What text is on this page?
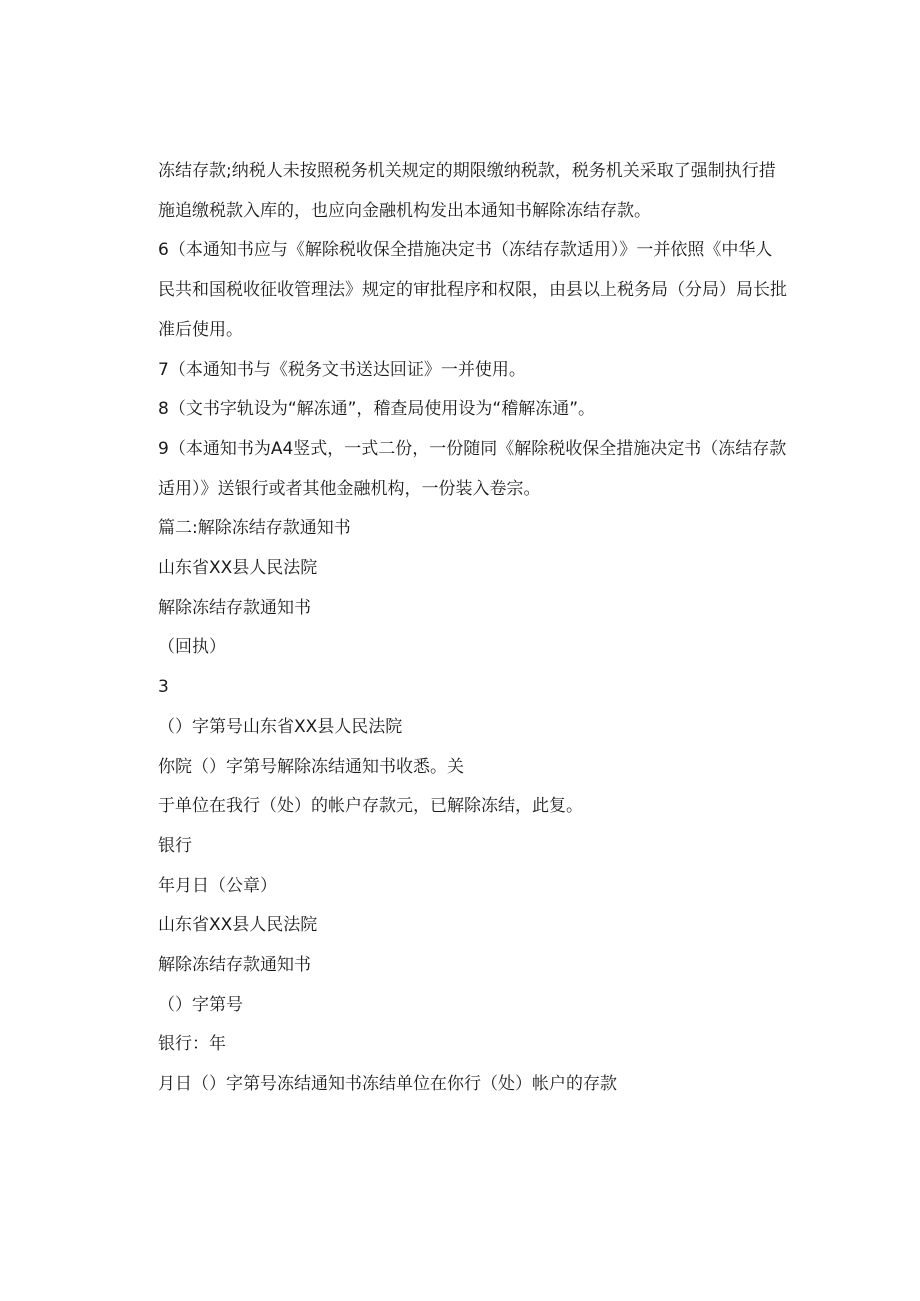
冻结存款;纳税人未按照税务机关规定的期限缴纳税款，税务机关采取了强制执行措施追缴税款入库的，也应向金融机构发出本通知书解除冻结存款。

6（本通知书应与《解除税收保全措施决定书（冻结存款适用）》一并依照《中华人民共和国税收征收管理法》规定的审批程序和权限，由县以上税务局（分局）局长批准后使用。

7（本通知书与《税务文书送达回证》一并使用。

8（文书字轨设为“解冻通”，稽查局使用设为“稽解冻通”。

9（本通知书为A4竖式，一式二份，一份随同《解除税收保全措施决定书（冻结存款适用）》送银行或者其他金融机构，一份装入卷宗。

篇二:解除冻结存款通知书

山东省XX县人民法院

解除冻结存款通知书

（回执）

3

（）字第号山东省XX县人民法院

你院（）字第号解除冻结通知书收悉。关

于单位在我行（处）的帐户存款元，已解除冻结，此复。

银行

年月日（公章）

山东省XX县人民法院

解除冻结存款通知书

（）字第号

银行：年

月日（）字第号冻结通知书冻结单位在你行（处）帐户的存款
